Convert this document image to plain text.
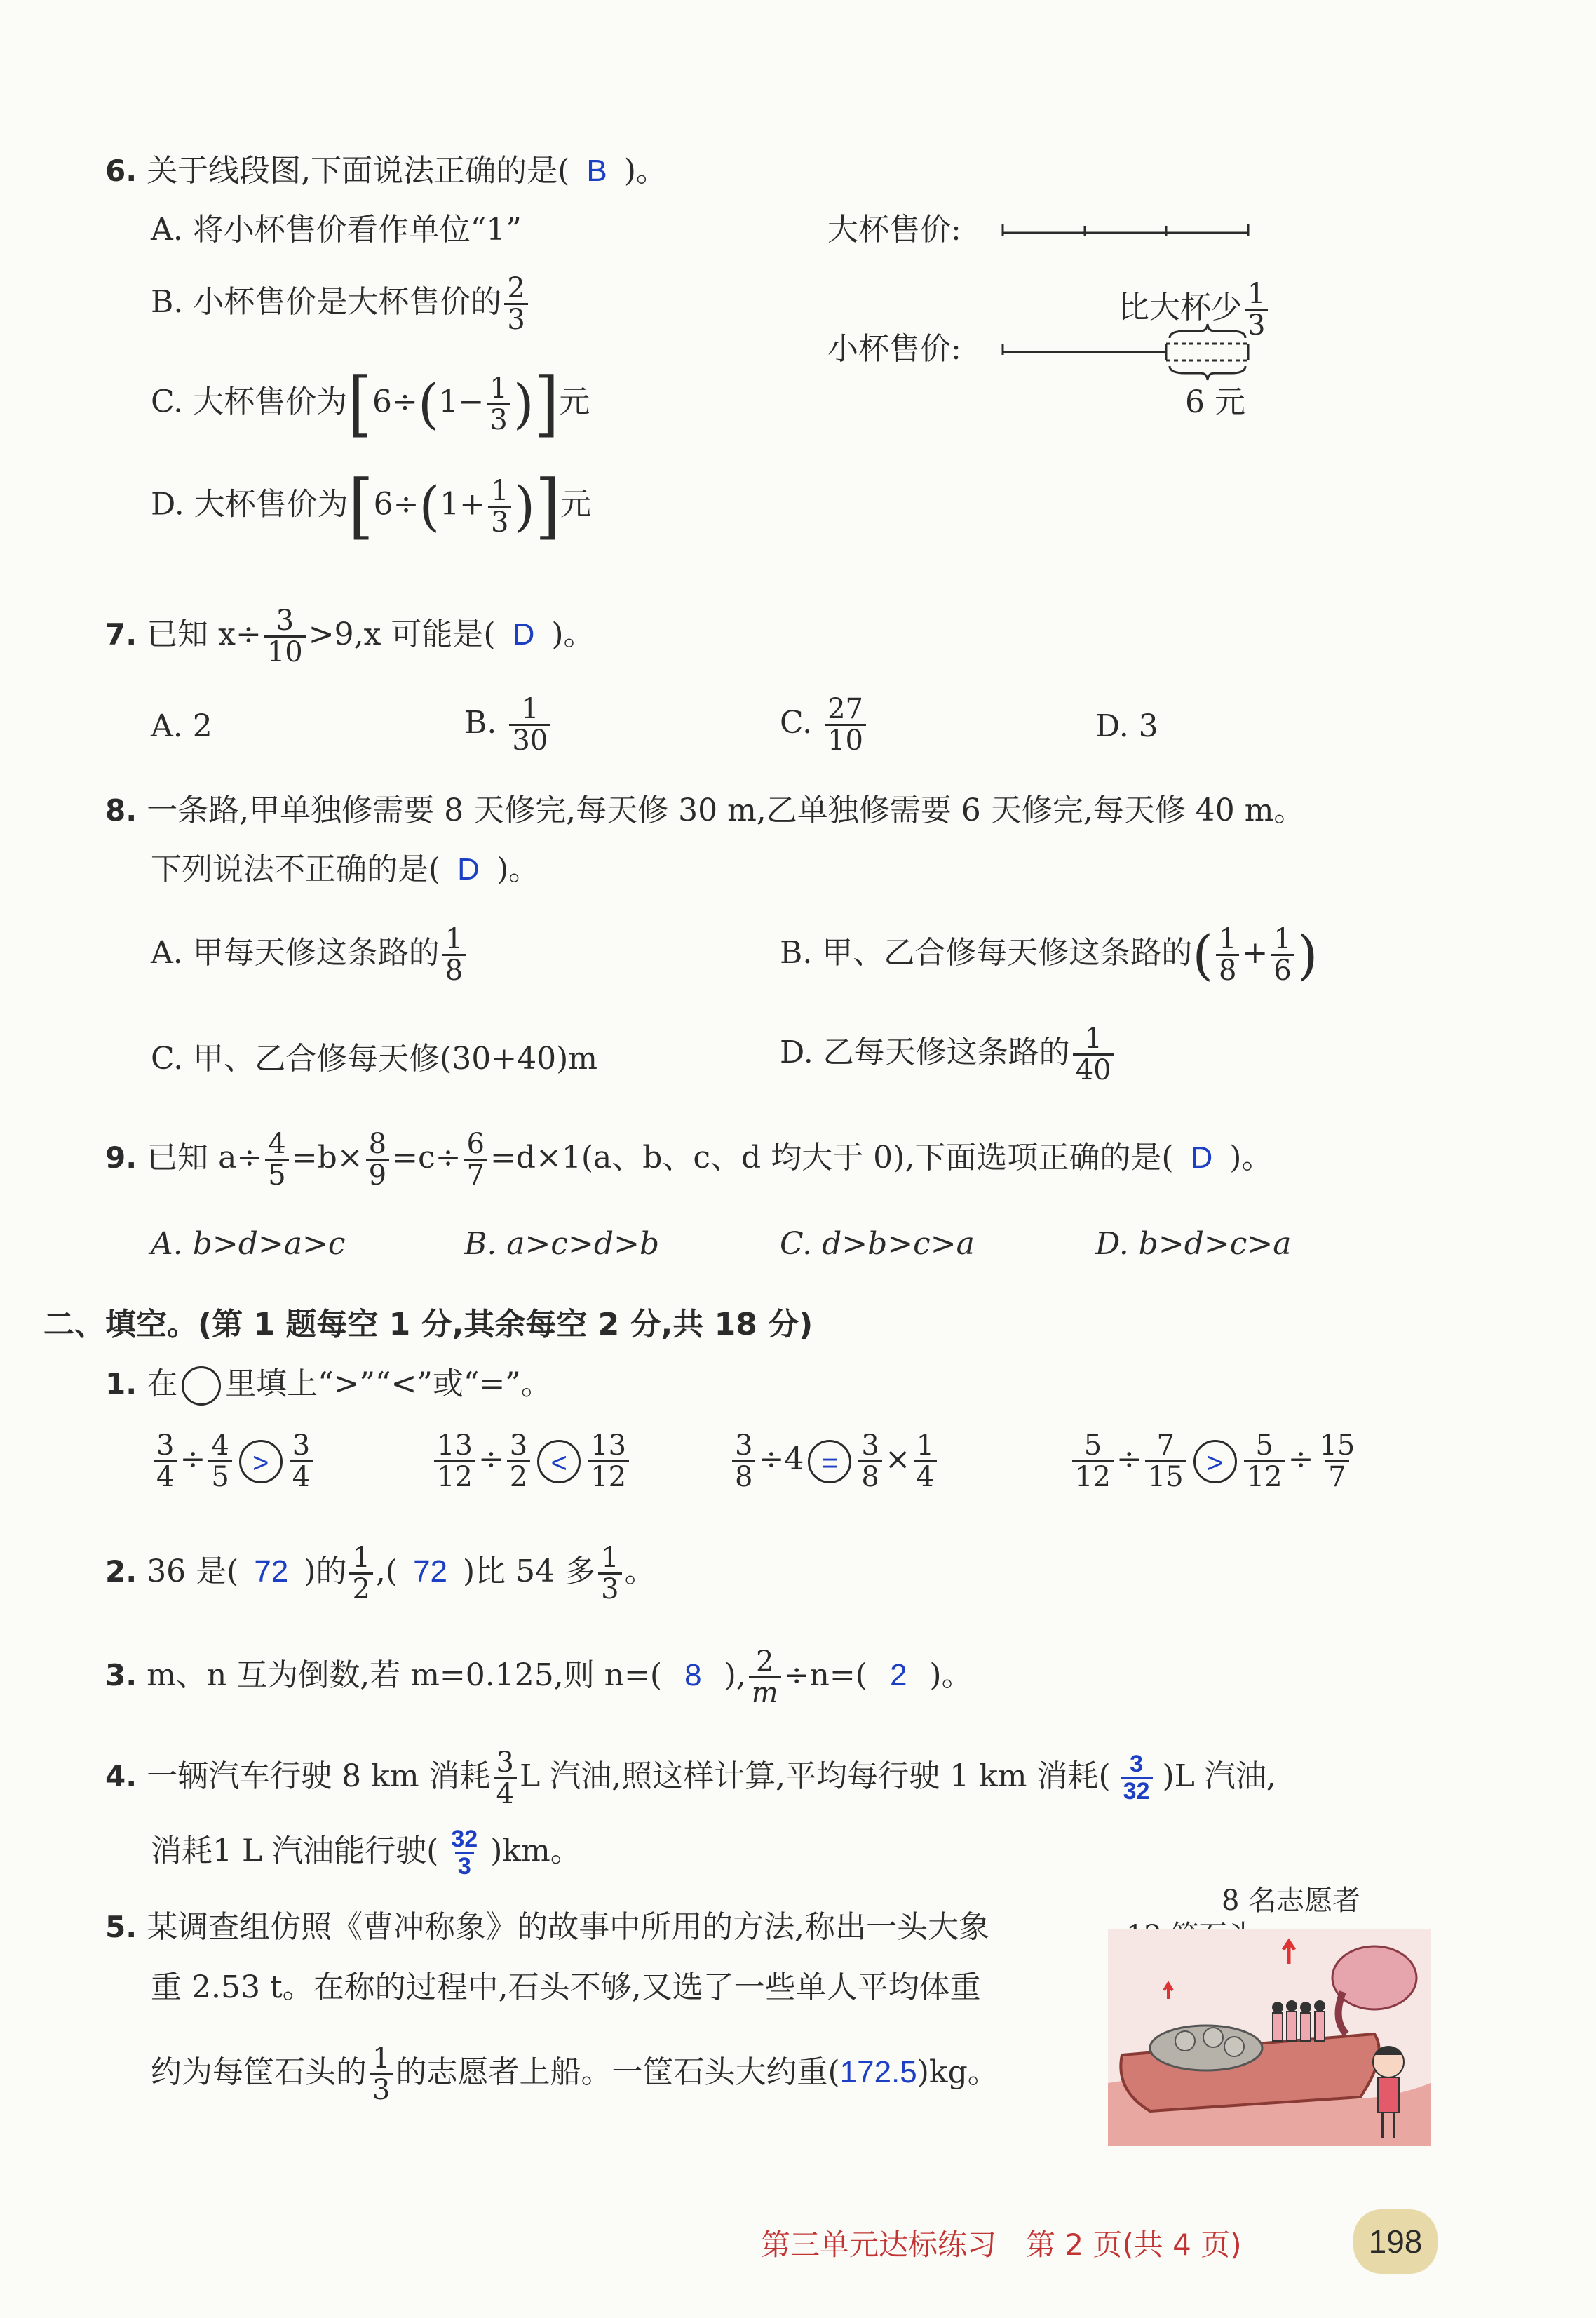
6. 关于线段图,下面说法正确的是( B )。
A. 将小杯售价看作单位“1”
B. 小杯售价是大杯售价的 $\frac{2}{3}$
C. 大杯售价为[$6\div(1- \frac{1}{3}$ )]元
D. 大杯售价为[$6\div(1+ \frac{1}{3}$ )]元
大杯售价:
小杯售价:
比大杯少 $\frac{1}{3}$
6 元
7. 已知 $x\div \frac{3}{10} >9,x$ 可能是( D )。
A. 2	B. $\frac{1}{30}$	C. $\frac{27}{10}$	D. 3
8. 一条路,甲单独修需要 8 天修完,每天修 30 m,乙单独修需要 6 天修完,每天修 40 m。
下列说法不正确的是( D )。
A. 甲每天修这条路的 $\frac{1}{8}$	B. 甲、乙合修每天修这条路的( $\frac{1}{8} + \frac{1}{6}$ )
C. 甲、乙合修每天修(30+40)m	D. 乙每天修这条路的 $\frac{1}{40}$
9. 已知 $a\div \frac{4}{5} =b\times \frac{8}{9} =c\div \frac{6}{7} =d\times 1(a$、b、c、d 均大于 0),下面选项正确的是( D )。
A. b>d>a>c	B. a>c>d>b	C. d>b>c>a	D. b>d>c>a
二、填空。(第 1 题每空 1 分,其余每空 2 分,共 18 分)
1. 在 里填上“>”“<”或“=”。
$\frac{3}{4} \div \frac{4}{5} > \frac{3}{4}$	$\frac{13}{12} \div \frac{3}{2} < \frac{13}{12}$	$\frac{3}{8} \div 4 = \frac{3}{8} \times \frac{1}{4}$	$\frac{5}{12} \div \frac{7}{15} > \frac{5}{12} \div \frac{15}{7}$
2. 36 是( 72 )的 $\frac{1}{2}$ ,( 72 )比 54 多 $\frac{1}{3}$ 。
3. m、n 互为倒数,若 m=0.125,则 n=( 8 ), $\frac{2}{m} \div n=$( 2 )。
4. 一辆汽车行驶 8 km 消耗 $\frac{3}{4}$ L 汽油,照这样计算,平均每行驶 1 km 消耗( $\frac{3}{32} )L$ 汽油,
消耗1 L 汽油能行驶( $\frac{32}{3} )km$。
5. 某调查组仿照《曹冲称象》的故事中所用的方法,称出一头大象
重 2.53 t。在称的过程中,石头不够,又选了一些单人平均体重
约为每筐石头的 $\frac{1}{3}$ 的志愿者上船。一筐石头大约重(172.5)kg。
8 名志愿者
第三单元达标练习　第 2 页(共 4 页)	198
